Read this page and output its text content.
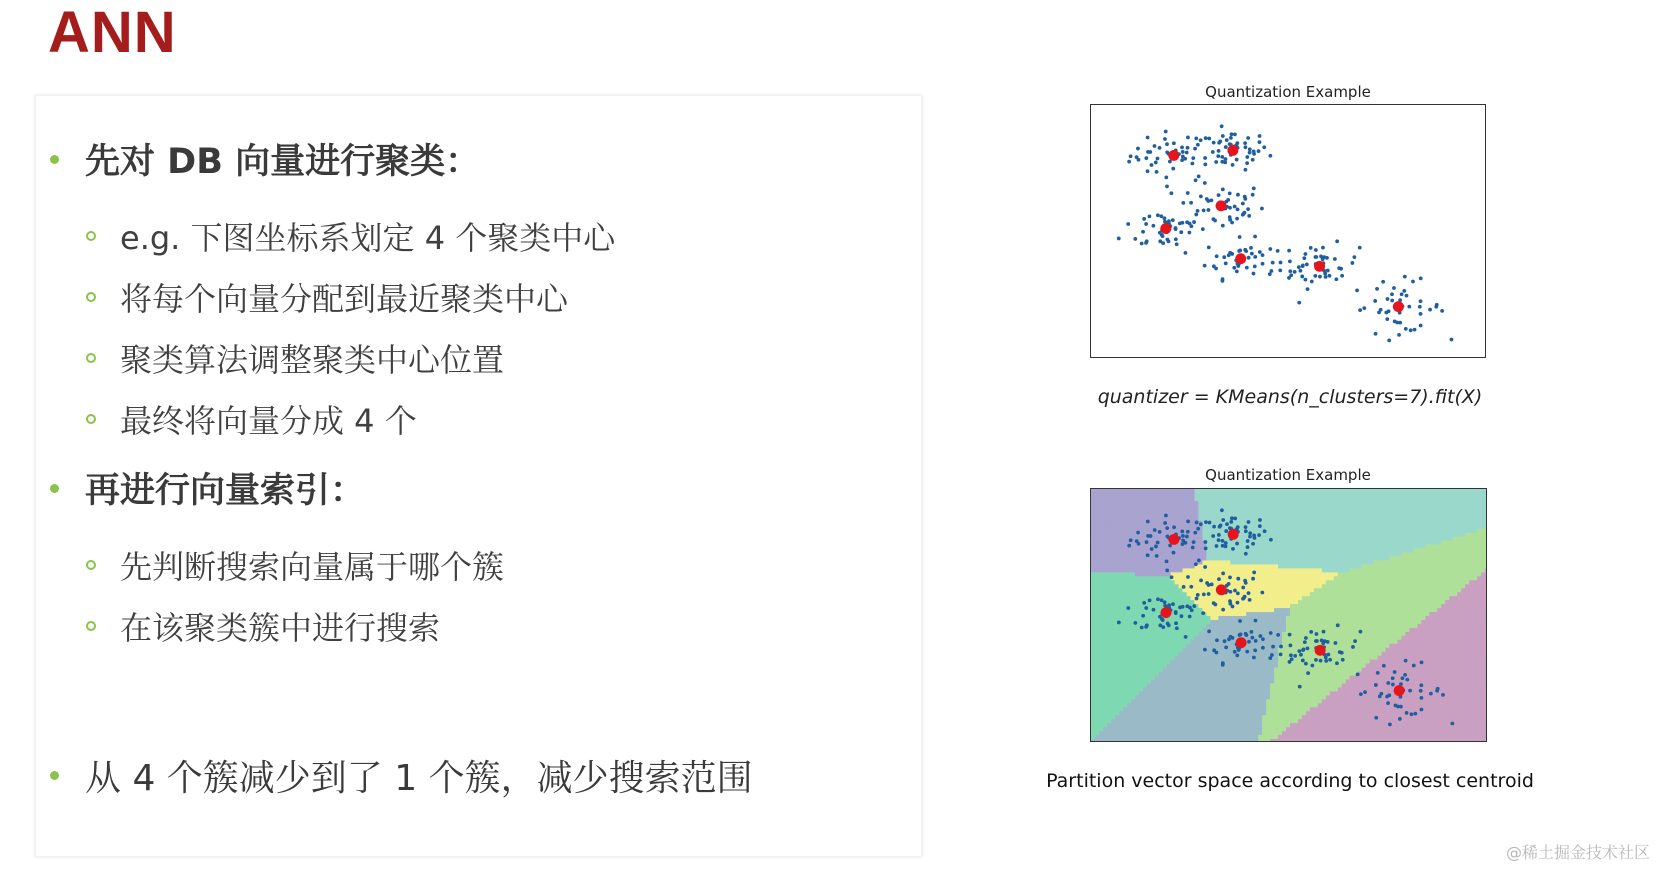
ANN
先对 DB 向量进行聚类：
e.g. 下图坐标系划定 4 个聚类中心
将每个向量分配到最近聚类中心
聚类算法调整聚类中心位置
最终将向量分成 4 个
再进行向量索引：
先判断搜索向量属于哪个簇
在该聚类簇中进行搜索
从 4 个簇减少到了 1 个簇，减少搜索范围
Quantization Example
quantizer = KMeans(n_clusters=7).fit(X)
Quantization Example
Partition vector space according to closest centroid
@稀土掘金技术社区
